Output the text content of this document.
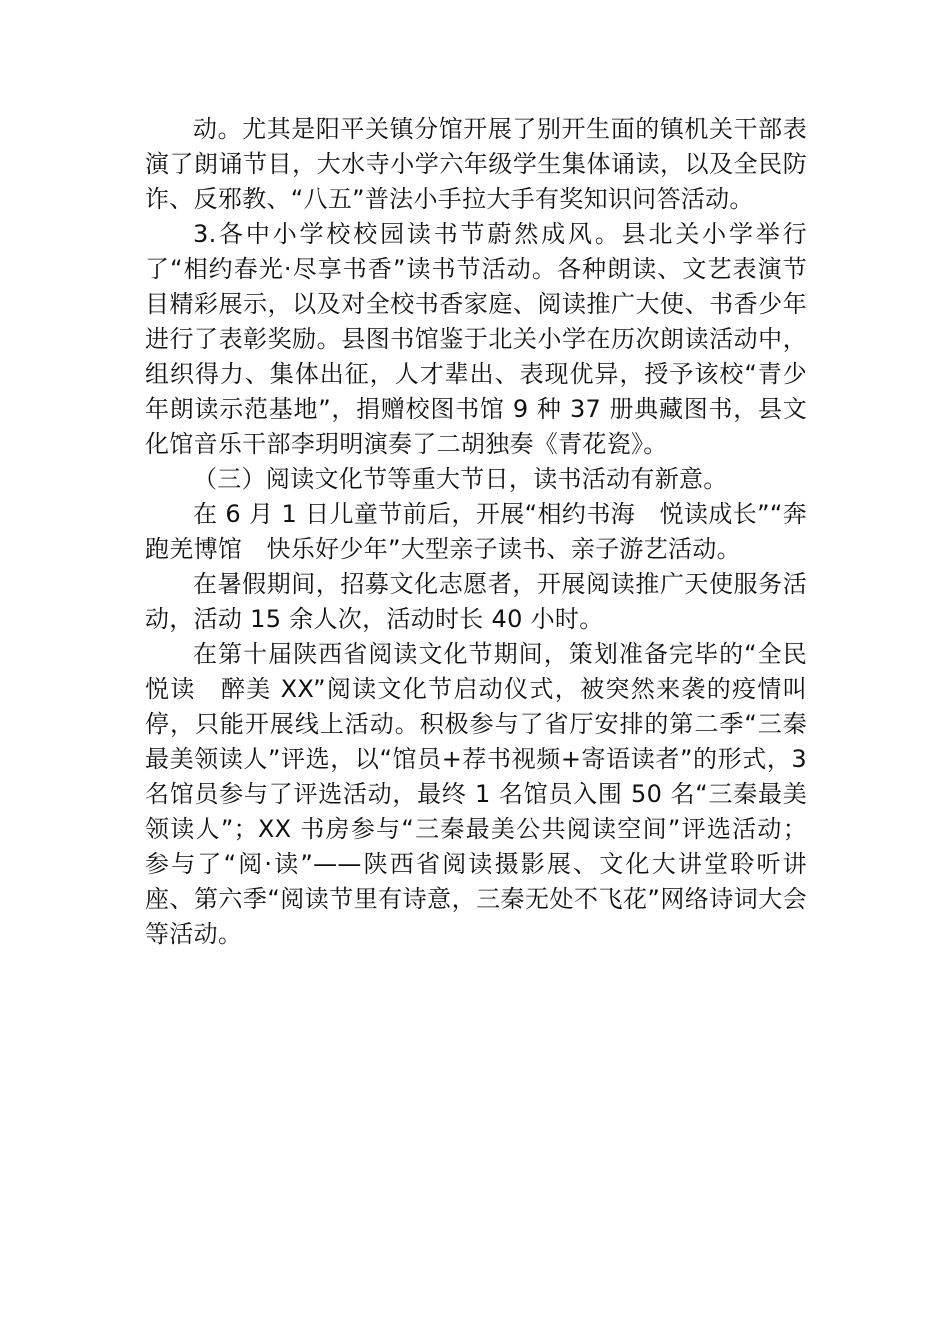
动。尤其是阳平关镇分馆开展了别开生面的镇机关干部表演了朗诵节目，大水寺小学六年级学生集体诵读，以及全民防诈、反邪教、“八五”普法小手拉大手有奖知识问答活动。

3.各中小学校校园读书节蔚然成风。县北关小学举行了“相约春光·尽享书香”读书节活动。各种朗读、文艺表演节目精彩展示，以及对全校书香家庭、阅读推广大使、书香少年进行了表彰奖励。县图书馆鉴于北关小学在历次朗读活动中，组织得力、集体出征，人才辈出、表现优异，授予该校“青少年朗读示范基地”，捐赠校图书馆 9 种 37 册典藏图书，县文化馆音乐干部李玥明演奏了二胡独奏《青花瓷》。

（三）阅读文化节等重大节日，读书活动有新意。

在 6 月 1 日儿童节前后，开展“相约书海　悦读成长”“奔跑羌博馆　快乐好少年”大型亲子读书、亲子游艺活动。

在暑假期间，招募文化志愿者，开展阅读推广天使服务活动，活动 15 余人次，活动时长 40 小时。

在第十届陕西省阅读文化节期间，策划准备完毕的“全民悦读　醉美 XX”阅读文化节启动仪式，被突然来袭的疫情叫停，只能开展线上活动。积极参与了省厅安排的第二季“三秦最美领读人”评选，以“馆员+荐书视频+寄语读者”的形式，3 名馆员参与了评选活动，最终 1 名馆员入围 50 名“三秦最美领读人”；XX 书房参与“三秦最美公共阅读空间”评选活动；参与了“阅·读”——陕西省阅读摄影展、文化大讲堂聆听讲座、第六季“阅读节里有诗意，三秦无处不飞花”网络诗词大会等活动。
